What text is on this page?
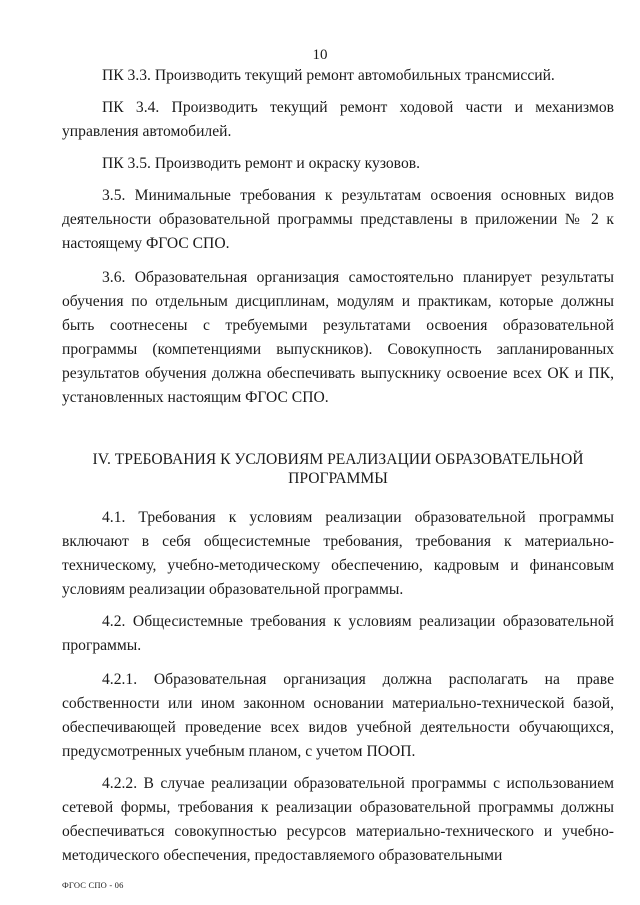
10

ПК 3.3. Производить текущий ремонт автомобильных трансмиссий.

ПК 3.4. Производить текущий ремонт ходовой части и механизмов управления автомобилей.

ПК 3.5. Производить ремонт и окраску кузовов.

3.5. Минимальные требования к результатам освоения основных видов деятельности образовательной программы представлены в приложении № 2 к настоящему ФГОС СПО.

3.6. Образовательная организация самостоятельно планирует результаты обучения по отдельным дисциплинам, модулям и практикам, которые должны быть соотнесены с требуемыми результатами освоения образовательной программы (компетенциями выпускников). Совокупность запланированных результатов обучения должна обеспечивать выпускнику освоение всех ОК и ПК, установленных настоящим ФГОС СПО.

IV. ТРЕБОВАНИЯ К УСЛОВИЯМ РЕАЛИЗАЦИИ ОБРАЗОВАТЕЛЬНОЙ ПРОГРАММЫ

4.1. Требования к условиям реализации образовательной программы включают в себя общесистемные требования, требования к материально-техническому, учебно-методическому обеспечению, кадровым и финансовым условиям реализации образовательной программы.

4.2. Общесистемные требования к условиям реализации образовательной программы.

4.2.1. Образовательная организация должна располагать на праве собственности или ином законном основании материально-технической базой, обеспечивающей проведение всех видов учебной деятельности обучающихся, предусмотренных учебным планом, с учетом ПООП.

4.2.2. В случае реализации образовательной программы с использованием сетевой формы, требования к реализации образовательной программы должны обеспечиваться совокупностью ресурсов материально-технического и учебно-методического обеспечения, предоставляемого образовательными

ФГОС СПО - 06
